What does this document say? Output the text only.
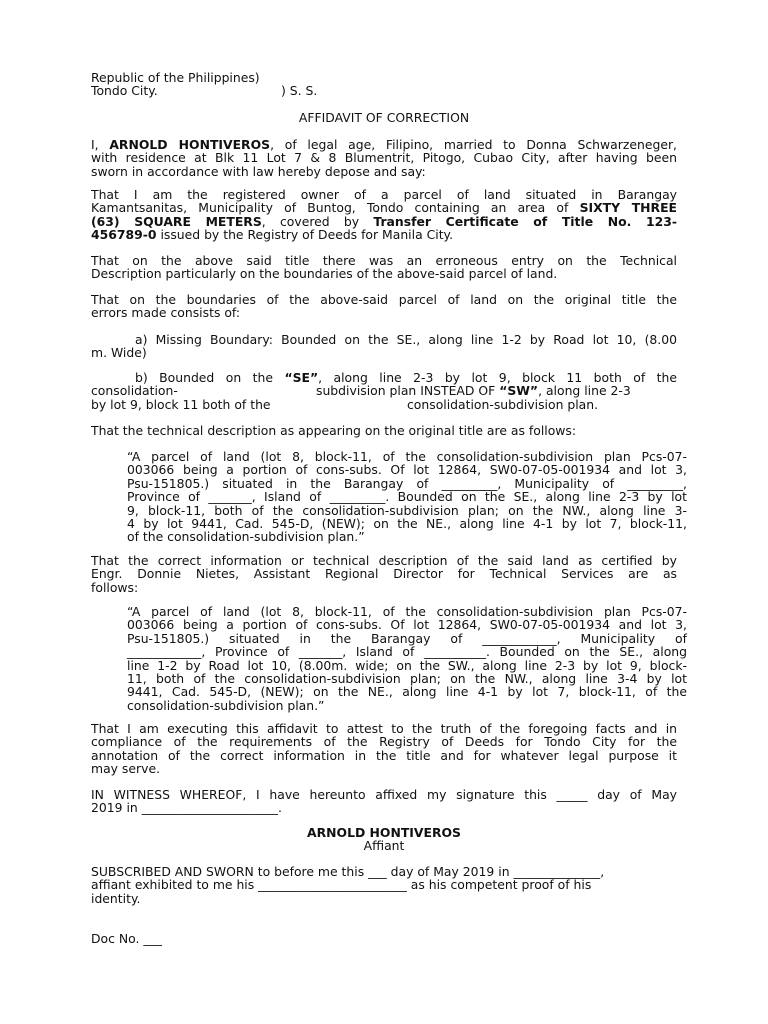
Republic of the Philippines)
Tondo City.	) S. S.
AFFIDAVIT OF CORRECTION
I, ARNOLD HONTIVEROS, of legal age, Filipino, married to Donna Schwarzeneger,
with residence at Blk 11 Lot 7 & 8 Blumentrit, Pitogo, Cubao City, after having been
sworn in accordance with law hereby depose and say:
That I am the registered owner of a parcel of land situated in Barangay
Kamantsanitas, Municipality of Buntog, Tondo containing an area of SIXTY THREE
(63) SQUARE METERS, covered by Transfer Certificate of Title No. 123-
456789-0 issued by the Registry of Deeds for Manila City.
That on the above said title there was an erroneous entry on the Technical
Description particularly on the boundaries of the above-said parcel of land.
That on the boundaries of the above-said parcel of land on the original title the
errors made consists of:
a) Missing Boundary: Bounded on the SE., along line 1-2 by Road lot 10, (8.00
m. Wide)
b) Bounded on the “SE”, along line 2-3 by lot 9, block 11 both of the
consolidation-	subdivision plan INSTEAD OF “SW”, along line 2-3
by lot 9, block 11 both of the	consolidation-subdivision plan.
That the technical description as appearing on the original title are as follows:
“A parcel of land (lot 8, block-11, of the consolidation-subdivision plan Pcs-07-
003066 being a portion of cons-subs. Of lot 12864, SW0-07-05-001934 and lot 3,
Psu-151805.) situated in the Barangay of _________, Municipality of _________,
Province of _______, Island of _________. Bounded on the SE., along line 2-3 by lot
9, block-11, both of the consolidation-subdivision plan; on the NW., along line 3-
4 by lot 9441, Cad. 545-D, (NEW); on the NE., along line 4-1 by lot 7, block-11,
of the consolidation-subdivision plan.”
That the correct information or technical description of the said land as certified by
Engr. Donnie Nietes, Assistant Regional Director for Technical Services are as
follows:
“A parcel of land (lot 8, block-11, of the consolidation-subdivision plan Pcs-07-
003066 being a portion of cons-subs. Of lot 12864, SW0-07-05-001934 and lot 3,
Psu-151805.) situated in the Barangay of ____________, Municipality of
____________, Province of _______, Island of __________. Bounded on the SE., along
line 1-2 by Road lot 10, (8.00m. wide; on the SW., along line 2-3 by lot 9, block-
11, both of the consolidation-subdivision plan; on the NW., along line 3-4 by lot
9441, Cad. 545-D, (NEW); on the NE., along line 4-1 by lot 7, block-11, of the
consolidation-subdivision plan.”
That I am executing this affidavit to attest to the truth of the foregoing facts and in
compliance of the requirements of the Registry of Deeds for Tondo City for the
annotation of the correct information in the title and for whatever legal purpose it
may serve.
IN WITNESS WHEREOF, I have hereunto affixed my signature this _____ day of May
2019 in ______________________.
ARNOLD HONTIVEROS
Affiant
SUBSCRIBED AND SWORN to before me this ___ day of May 2019 in ______________,
affiant exhibited to me his ________________________ as his competent proof of his
identity.
Doc No. ___
